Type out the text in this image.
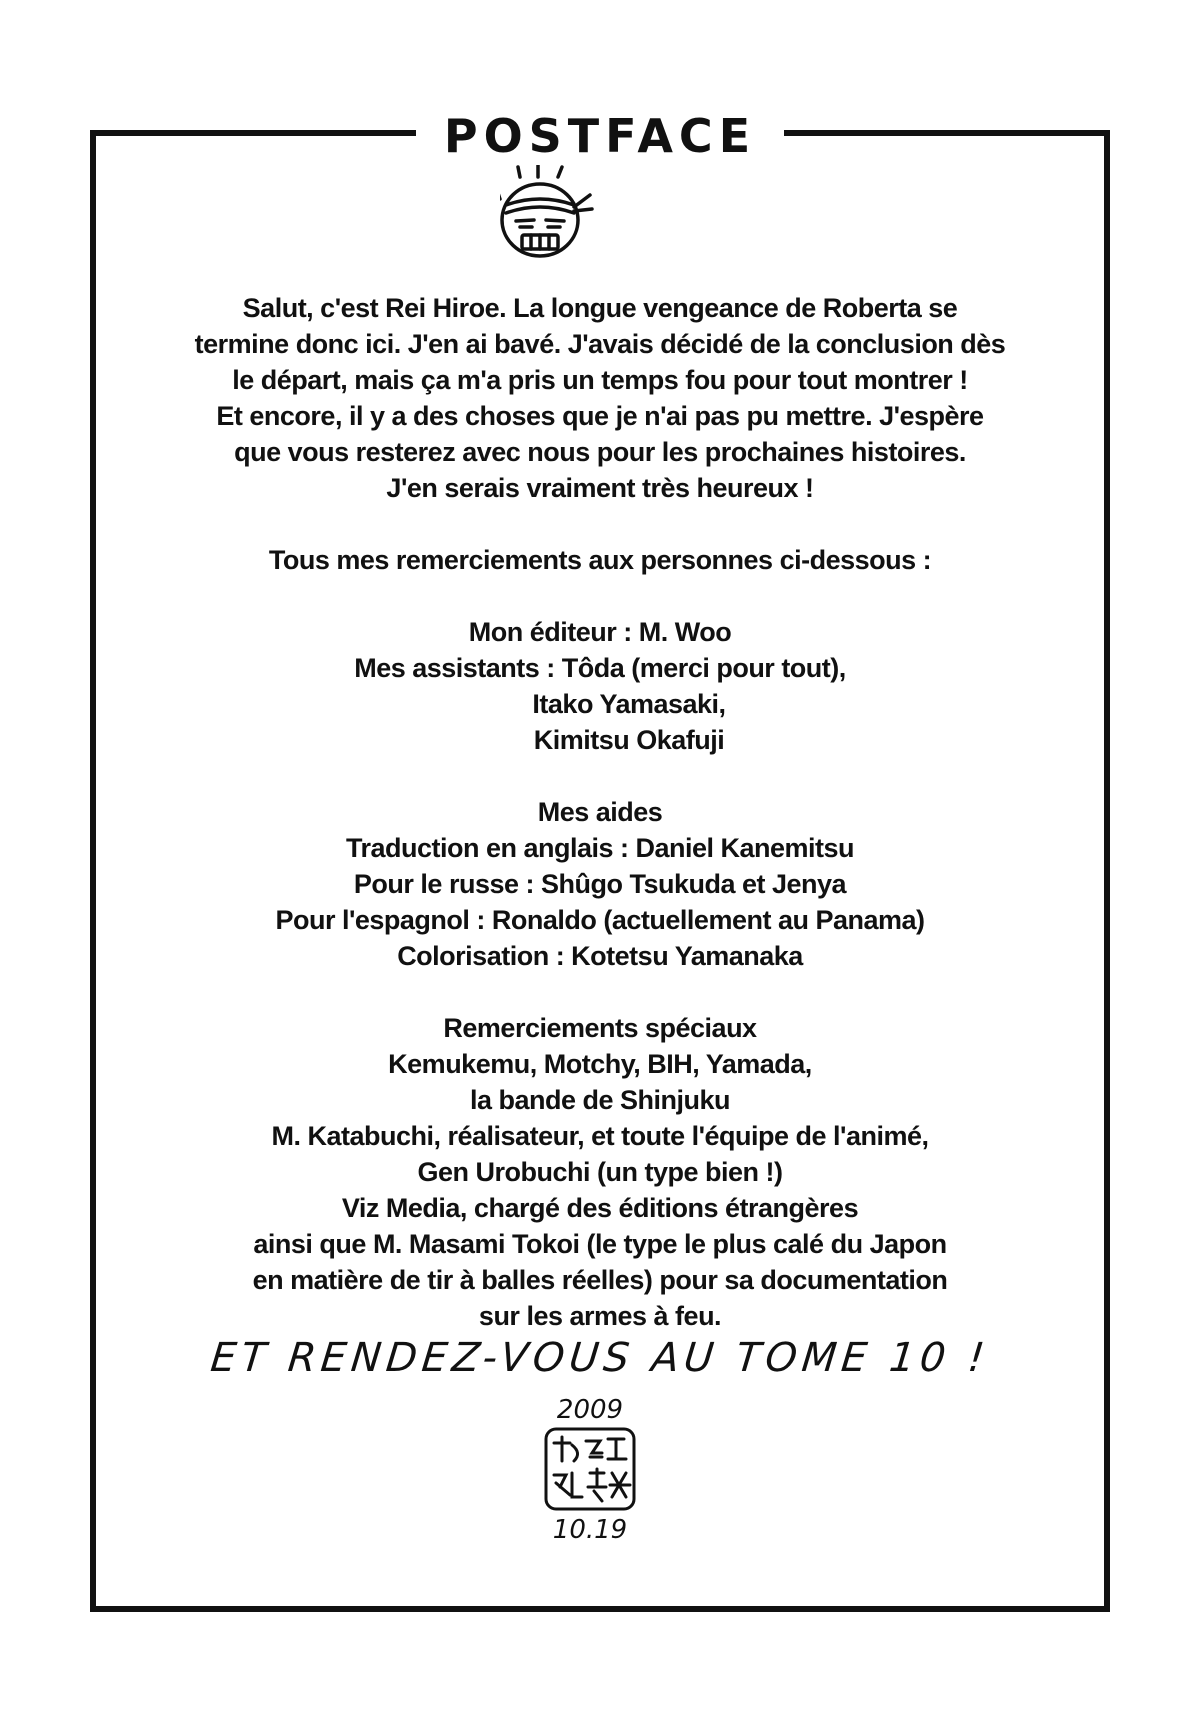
POSTFACE
Salut, c'est Rei Hiroe. La longue vengeance de Roberta se
termine donc ici. J'en ai bavé. J'avais décidé de la conclusion dès
le départ, mais ça m'a pris un temps fou pour tout montrer !
Et encore, il y a des choses que je n'ai pas pu mettre. J'espère
que vous resterez avec nous pour les prochaines histoires.
J'en serais vraiment très heureux !
Tous mes remerciements aux personnes ci-dessous :
Mon éditeur : M. Woo
Mes assistants : Tôda (merci pour tout),
Itako Yamasaki,
Kimitsu Okafuji
Mes aides
Traduction en anglais : Daniel Kanemitsu
Pour le russe : Shûgo Tsukuda et Jenya
Pour l'espagnol : Ronaldo (actuellement au Panama)
Colorisation : Kotetsu Yamanaka
Remerciements spéciaux
Kemukemu, Motchy, BIH, Yamada,
la bande de Shinjuku
M. Katabuchi, réalisateur, et toute l'équipe de l'animé,
Gen Urobuchi (un type bien !)
Viz Media, chargé des éditions étrangères
ainsi que M. Masami Tokoi (le type le plus calé du Japon
en matière de tir à balles réelles) pour sa documentation
sur les armes à feu.
ET RENDEZ-VOUS AU TOME 10 !
2009
10.19
